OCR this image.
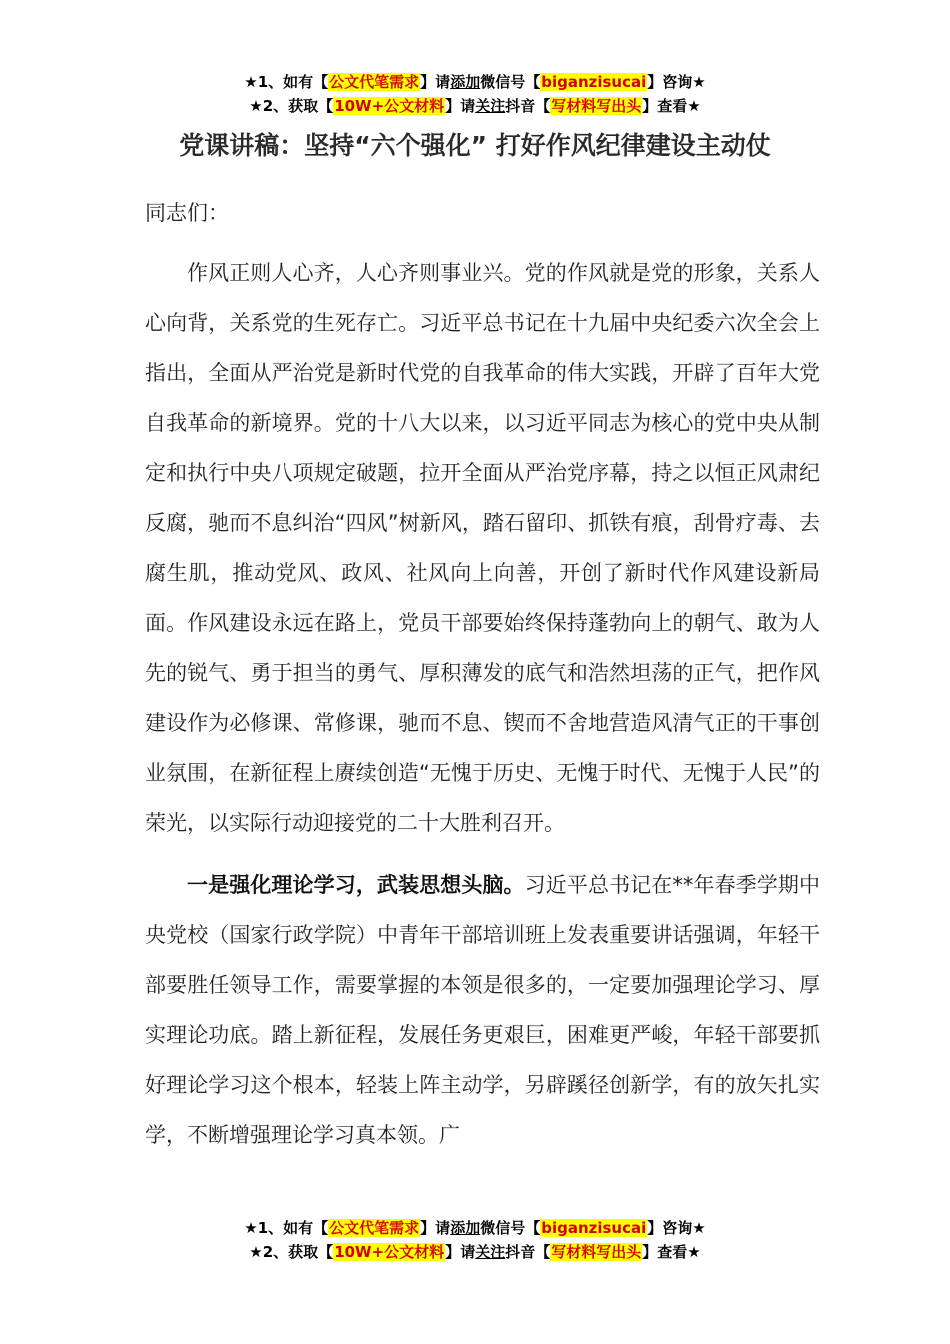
★1、如有【公文代笔需求】请添加微信号【biganzisucai】咨询★
★2、获取【10W+公文材料】请关注抖音【写材料写出头】查看★
党课讲稿：坚持“六个强化” 打好作风纪律建设主动仗

同志们：

作风正则人心齐，人心齐则事业兴。党的作风就是党的形象，关系人心向背，关系党的生死存亡。习近平总书记在十九届中央纪委六次全会上指出，全面从严治党是新时代党的自我革命的伟大实践，开辟了百年大党自我革命的新境界。党的十八大以来，以习近平同志为核心的党中央从制定和执行中央八项规定破题，拉开全面从严治党序幕，持之以恒正风肃纪反腐，驰而不息纠治“四风”树新风，踏石留印、抓铁有痕，刮骨疗毒、去腐生肌，推动党风、政风、社风向上向善，开创了新时代作风建设新局面。作风建设永远在路上，党员干部要始终保持蓬勃向上的朝气、敢为人先的锐气、勇于担当的勇气、厚积薄发的底气和浩然坦荡的正气，把作风建设作为必修课、常修课，驰而不息、锲而不舍地营造风清气正的干事创业氛围，在新征程上赓续创造“无愧于历史、无愧于时代、无愧于人民”的荣光，以实际行动迎接党的二十大胜利召开。

一是强化理论学习，武装思想头脑。习近平总书记在**年春季学期中央党校（国家行政学院）中青年干部培训班上发表重要讲话强调，年轻干部要胜任领导工作，需要掌握的本领是很多的，一定要加强理论学习、厚实理论功底。踏上新征程，发展任务更艰巨，困难更严峻，年轻干部要抓好理论学习这个根本，轻装上阵主动学，另辟蹊径创新学，有的放矢扎实学，不断增强理论学习真本领。广

★1、如有【公文代笔需求】请添加微信号【biganzisucai】咨询★
★2、获取【10W+公文材料】请关注抖音【写材料写出头】查看★
